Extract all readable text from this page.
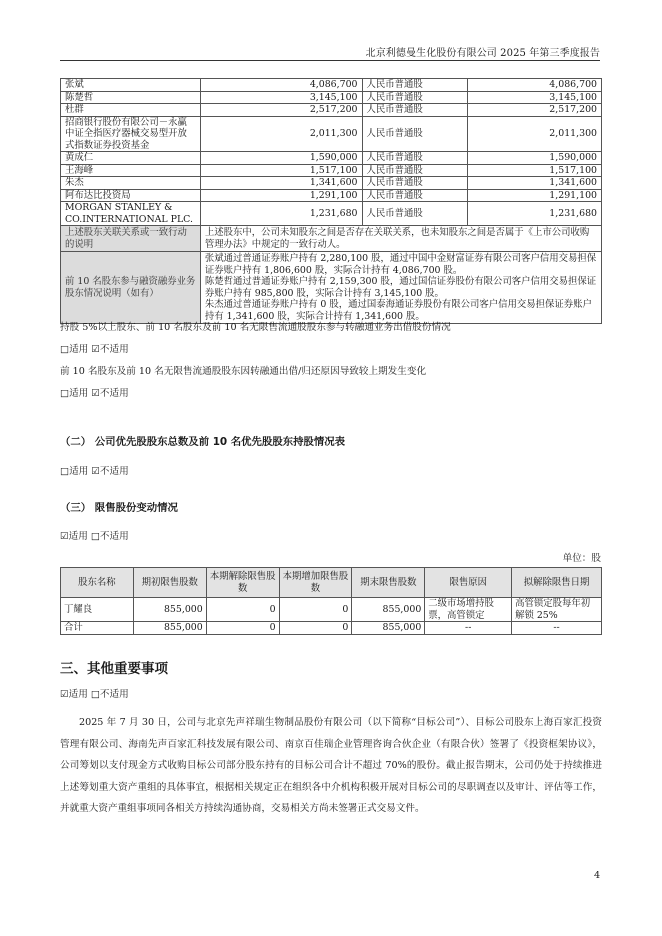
北京利德曼生化股份有限公司 2025 年第三季度报告
张斌	4,086,700	人民币普通股	4,086,700
陈楚哲	3,145,100	人民币普通股	3,145,100
杜群	2,517,200	人民币普通股	2,517,200
招商银行股份有限公司－永赢中证全指医疗器械交易型开放式指数证券投资基金	2,011,300	人民币普通股	2,011,300
黄成仁	1,590,000	人民币普通股	1,590,000
王海峰	1,517,100	人民币普通股	1,517,100
朱杰	1,341,600	人民币普通股	1,341,600
阿布达比投资局	1,291,100	人民币普通股	1,291,100
MORGAN STANLEY & CO.INTERNATIONAL PLC.	1,231,680	人民币普通股	1,231,680
上述股东关联关系或一致行动的说明	上述股东中，公司未知股东之间是否存在关联关系，也未知股东之间是否属于《上市公司收购管理办法》中规定的一致行动人。		
前 10 名股东参与融资融券业务股东情况说明（如有）	张斌通过普通证券账户持有 2,280,100 股，通过中国中金财富证券有限公司客户信用交易担保证券账户持有 1,806,600 股，实际合计持有 4,086,700 股。
陈楚哲通过普通证券账户持有 2,159,300 股，通过国信证券股份有限公司客户信用交易担保证券账户持有 985,800 股，实际合计持有 3,145,100 股。
朱杰通过普通证券账户持有 0 股，通过国泰海通证券股份有限公司客户信用交易担保证券账户持有 1,341,600 股，实际合计持有 1,341,600 股。		
持股 5%以上股东、前 10 名股东及前 10 名无限售流通股股东参与转融通业务出借股份情况
□适用 ☑不适用
前 10 名股东及前 10 名无限售流通股股东因转融通出借/归还原因导致较上期发生变化
□适用 ☑不适用
（二） 公司优先股股东总数及前 10 名优先股股东持股情况表
□适用 ☑不适用
（三） 限售股份变动情况
☑适用 □不适用
单位：股
股东名称	期初限售股数	本期解除限售股数	本期增加限售股数	期末限售股数	限售原因	拟解除限售日期
丁耀良	855,000	0	0	855,000	二级市场增持股票，高管锁定	高管锁定股每年初解锁 25%
合计	855,000	0	0	855,000	--	--
三、其他重要事项
☑适用 □不适用
2025 年 7 月 30 日，公司与北京先声祥瑞生物制品股份有限公司（以下简称“目标公司”）、目标公司股东上海百家汇投资管理有限公司、海南先声百家汇科技发展有限公司、南京百佳瑞企业管理咨询合伙企业（有限合伙）签署了《投资框架协议》，公司筹划以支付现金方式收购目标公司部分股东持有的目标公司合计不超过 70%的股份。截止报告期末，公司仍处于持续推进上述筹划重大资产重组的具体事宜，根据相关规定正在组织各中介机构积极开展对目标公司的尽职调查以及审计、评估等工作，并就重大资产重组事项同各相关方持续沟通协商，交易相关方尚未签署正式交易文件。
4
